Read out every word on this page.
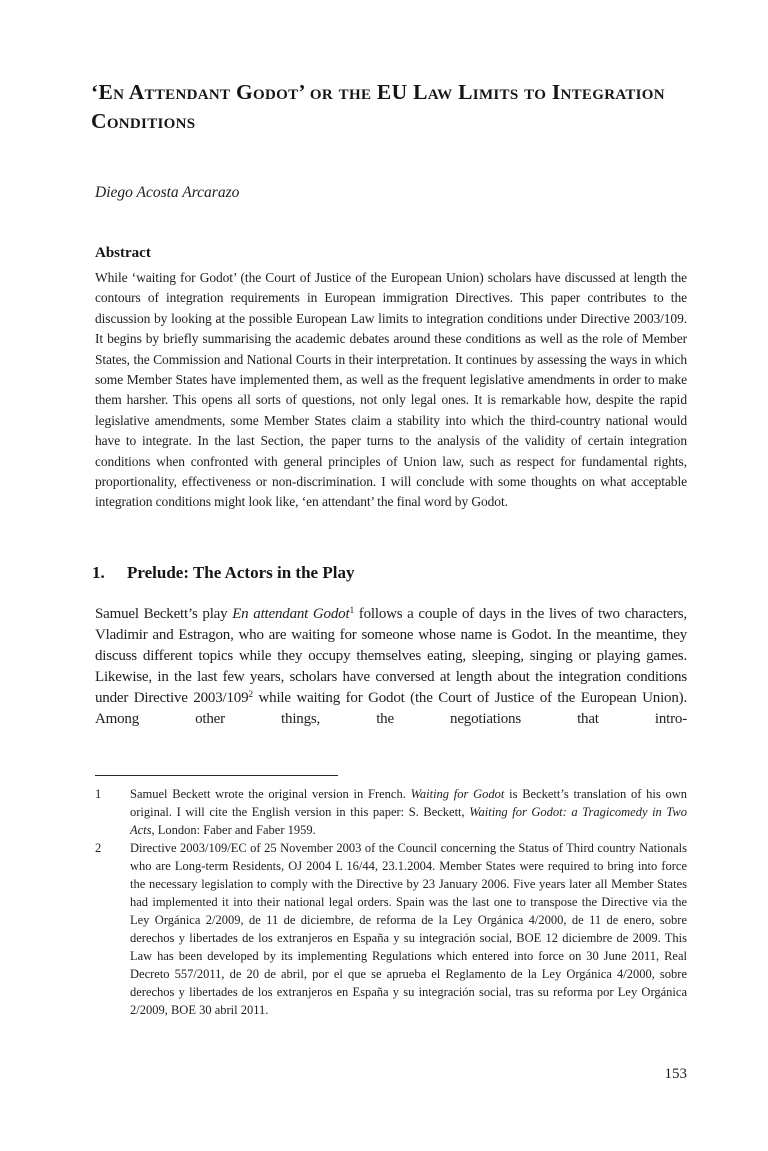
‘En Attendant Godot’ or the EU Law Limits to Integration
Conditions
Diego Acosta Arcarazo
Abstract

While ‘waiting for Godot’ (the Court of Justice of the European Union) scholars have discussed at length the contours of integration requirements in European immigration Directives. This paper contributes to the discussion by looking at the possible European Law limits to integration conditions under Directive 2003/109. It begins by briefly summarising the academic debates around these conditions as well as the role of Member States, the Commission and National Courts in their interpretation. It continues by assessing the ways in which some Member States have implemented them, as well as the frequent legislative amendments in order to make them harsher. This opens all sorts of questions, not only legal ones. It is remarkable how, despite the rapid legislative amendments, some Member States claim a stability into which the third-country national would have to integrate. In the last Section, the paper turns to the analysis of the validity of certain integration conditions when confronted with general principles of Union law, such as respect for fundamental rights, proportionality, effectiveness or non-discrimination. I will conclude with some thoughts on what acceptable integration conditions might look like, ‘en attendant’ the final word by Godot.

1.	Prelude: The Actors in the Play

Samuel Beckett’s play En attendant Godot$^1$ follows a couple of days in the lives of two characters, Vladimir and Estragon, who are waiting for someone whose name is Godot. In the meantime, they discuss different topics while they occupy themselves eating, sleeping, singing or playing games. Likewise, in the last few years, scholars have conversed at length about the integration conditions under Directive 2003/109$^2$ while waiting for Godot (the Court of Justice of the European Union). Among other things, the negotiations that intro-

1 Samuel Beckett wrote the original version in French. Waiting for Godot is Beckett’s translation of his own original. I will cite the English version in this paper: S. Beckett, Waiting for Godot: a Tragicomedy in Two Acts, London: Faber and Faber 1959.
2 Directive 2003/109/EC of 25 November 2003 of the Council concerning the Status of Third country Nationals who are Long-term Residents, OJ 2004 L 16/44, 23.1.2004. Member States were required to bring into force the necessary legislation to comply with the Directive by 23 January 2006. Five years later all Member States had implemented it into their national legal orders. Spain was the last one to transpose the Directive via the Ley Orgánica 2/2009, de 11 de diciembre, de reforma de la Ley Orgánica 4/2000, de 11 de enero, sobre derechos y libertades de los extranjeros en España y su integración social, BOE 12 diciembre de 2009. This Law has been developed by its implementing Regulations which entered into force on 30 June 2011, Real Decreto 557/2011, de 20 de abril, por el que se aprueba el Reglamento de la Ley Orgánica 4/2000, sobre derechos y libertades de los extranjeros en España y su integración social, tras su reforma por Ley Orgánica 2/2009, BOE 30 abril 2011.
153
